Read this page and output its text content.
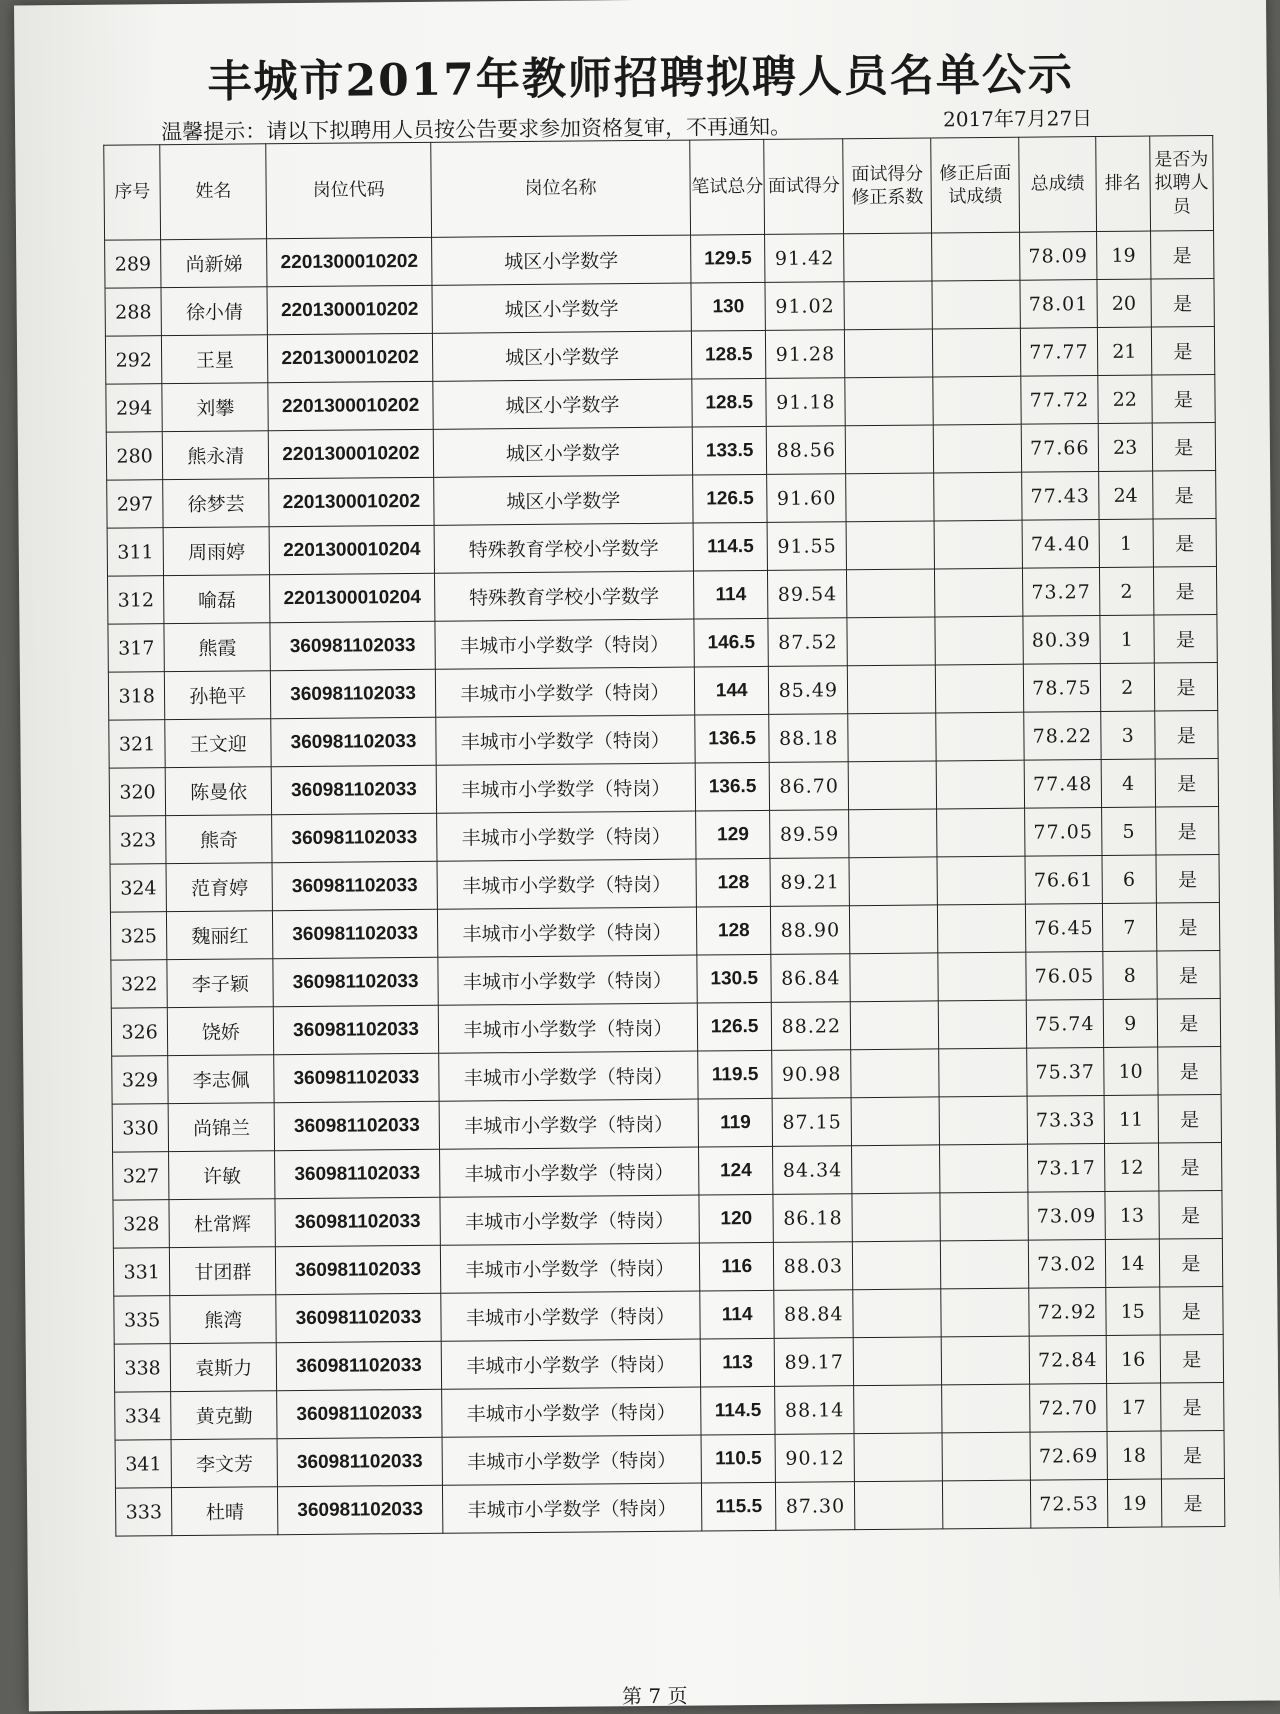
丰城市2017年教师招聘拟聘人员名单公示
温馨提示：请以下拟聘用人员按公告要求参加资格复审，不再通知。	2017年7月27日
序号	姓名	岗位代码	岗位名称	笔试总分	面试得分	面试得分修正系数	修正后面试成绩	总成绩	排名	是否为拟聘人员
289	尚新娣	2201300010202	城区小学数学	129.5	91.42			78.09	19	是
288	徐小倩	2201300010202	城区小学数学	130	91.02			78.01	20	是
292	王星	2201300010202	城区小学数学	128.5	91.28			77.77	21	是
294	刘攀	2201300010202	城区小学数学	128.5	91.18			77.72	22	是
280	熊永清	2201300010202	城区小学数学	133.5	88.56			77.66	23	是
297	徐梦芸	2201300010202	城区小学数学	126.5	91.60			77.43	24	是
311	周雨婷	2201300010204	特殊教育学校小学数学	114.5	91.55			74.40	1	是
312	喻磊	2201300010204	特殊教育学校小学数学	114	89.54			73.27	2	是
317	熊霞	360981102033	丰城市小学数学（特岗）	146.5	87.52			80.39	1	是
318	孙艳平	360981102033	丰城市小学数学（特岗）	144	85.49			78.75	2	是
321	王文迎	360981102033	丰城市小学数学（特岗）	136.5	88.18			78.22	3	是
320	陈曼依	360981102033	丰城市小学数学（特岗）	136.5	86.70			77.48	4	是
323	熊奇	360981102033	丰城市小学数学（特岗）	129	89.59			77.05	5	是
324	范育婷	360981102033	丰城市小学数学（特岗）	128	89.21			76.61	6	是
325	魏丽红	360981102033	丰城市小学数学（特岗）	128	88.90			76.45	7	是
322	李子颖	360981102033	丰城市小学数学（特岗）	130.5	86.84			76.05	8	是
326	饶娇	360981102033	丰城市小学数学（特岗）	126.5	88.22			75.74	9	是
329	李志佩	360981102033	丰城市小学数学（特岗）	119.5	90.98			75.37	10	是
330	尚锦兰	360981102033	丰城市小学数学（特岗）	119	87.15			73.33	11	是
327	许敏	360981102033	丰城市小学数学（特岗）	124	84.34			73.17	12	是
328	杜常辉	360981102033	丰城市小学数学（特岗）	120	86.18			73.09	13	是
331	甘团群	360981102033	丰城市小学数学（特岗）	116	88.03			73.02	14	是
335	熊湾	360981102033	丰城市小学数学（特岗）	114	88.84			72.92	15	是
338	袁斯力	360981102033	丰城市小学数学（特岗）	113	89.17			72.84	16	是
334	黄克勤	360981102033	丰城市小学数学（特岗）	114.5	88.14			72.70	17	是
341	李文芳	360981102033	丰城市小学数学（特岗）	110.5	90.12			72.69	18	是
333	杜晴	360981102033	丰城市小学数学（特岗）	115.5	87.30			72.53	19	是
第 7 页
